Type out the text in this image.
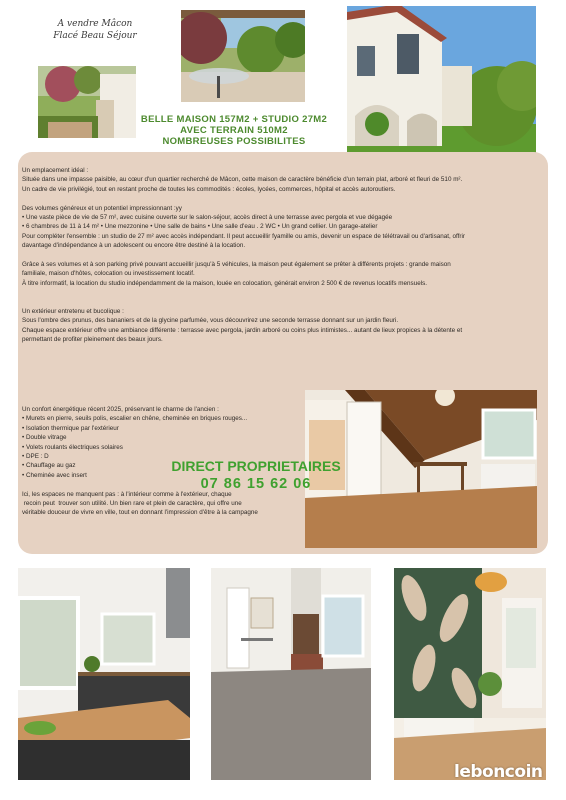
A vendre Mâcon
Flacé Beau Séjour
BELLE MAISON 157M2 + STUDIO 27M2
AVEC TERRAIN 510M2
NOMBREUSES POSSIBILITES

Un emplacement idéal :

Située dans une impasse paisible, au cœur d'un quartier recherché de Mâcon, cette maison de caractère bénéficie d'un terrain plat, arboré et fleuri de 510 m².

Un cadre de vie privilégié, tout en restant proche de toutes les commodités : écoles, lycées, commerces, hôpital et accès autoroutiers.

Des volumes généreux et un potentiel impressionnant :yy

• Une vaste pièce de vie de 57 m², avec cuisine ouverte sur le salon-séjour, accès direct à une terrasse avec pergola et vue dégagée

• 6 chambres de 11 à 14 m² • Une mezzonine • Une salle de bains • Une salle d'eau . 2 WC • Un grand cellier. Un garage-atelier

Pour compléter l'ensemble : un studio de 27 m² avec accès indépendant. Il peut accueillir fyamille ou amis, devenir un espace de télétravail ou d'artisanat, offrir

davantage d'indépendance à un adolescent ou encore être destiné à la location.

Grâce à ses volumes et à son parking privé pouvant accueillir jusqu'à 5 véhicules, la maison peut également se prêter à différents projets : grande maison

familiale, maison d'hôtes, colocation ou investissement locatif.

À titre informatif, la location du studio indépendamment de la maison, louée en colocation, générait environ 2 500 € de revenus locatifs mensuels.

Un extérieur entretenu et bucolique :

Sous l'ombre des prunus, des bananiers et de la glycine parfumée, vous découvrirez une seconde terrasse donnant sur un jardin fleuri.

Chaque espace extérieur offre une ambiance différente : terrasse avec pergola, jardin arboré ou coins plus intimistes... autant de lieux propices à la détente et

permettant de profiter pleinement des beaux jours.

Un confort énergétique récent 2025, préservant le charme de l'ancien :

• Murets en pierre, seuils polis, escalier en chêne, cheminée en briques rouges...

• Isolation thermique par l'extérieur

• Double vitrage

• Volets roulants électriques solaires

• DPE : D

• Chauffage au gaz

• Cheminée avec insert

Ici, les espaces ne manquent pas : à l'intérieur comme à l'extérieur, chaque

recoin peut  trouver son utilité. Un bien rare et plein de caractère, qui offre une

véritable douceur de vivre en ville, tout en donnant l'impression d'être à la campagne

DIRECT PROPRIETAIRES
07 86 15 62 06
leboncoin
